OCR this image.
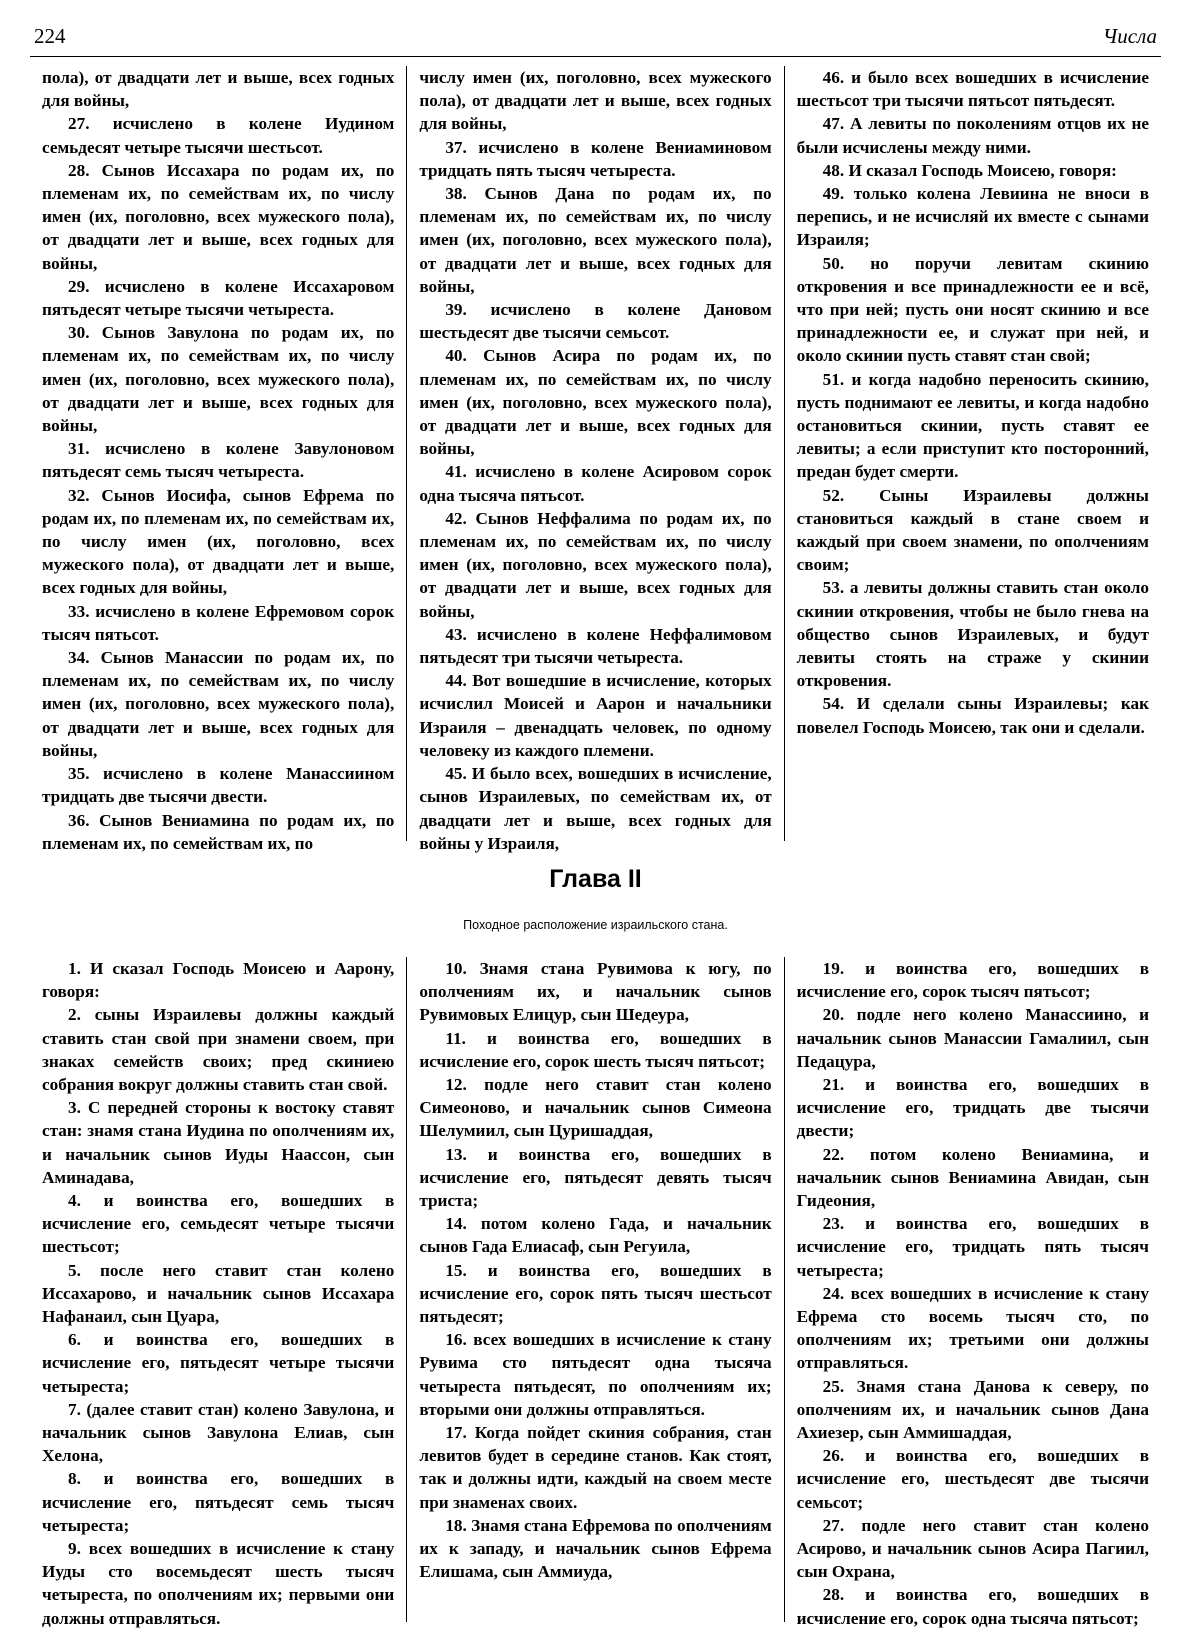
224	Числа

пола), от двадцати лет и выше, всех годных для войны,

27. исчислено в колене Иудином семьдесят четыре тысячи шестьсот.

28. Сынов Иссахара по родам их, по племенам их, по семействам их, по числу имен (их, поголовно, всех мужеского пола), от двадцати лет и выше, всех годных для войны,

29. исчислено в колене Иссахаровом пятьдесят четыре тысячи четыреста.

30. Сынов Завулона по родам их, по племенам их, по семействам их, по числу имен (их, поголовно, всех мужеского пола), от двадцати лет и выше, всех годных для войны,

31. исчислено в колене Завулоновом пятьдесят семь тысяч четыреста.

32. Сынов Иосифа, сынов Ефрема по родам их, по племенам их, по семействам их, по числу имен (их, поголовно, всех мужеского пола), от двадцати лет и выше, всех годных для войны,

33. исчислено в колене Ефремовом сорок тысяч пятьсот.

34. Сынов Манассии по родам их, по племенам их, по семействам их, по числу имен (их, поголовно, всех мужеского пола), от двадцати лет и выше, всех годных для войны,

35. исчислено в колене Манассиином тридцать две тысячи двести.

36. Сынов Вениамина по родам их, по племенам их, по семействам их, по

числу имен (их, поголовно, всех мужеского пола), от двадцати лет и выше, всех годных для войны,

37. исчислено в колене Вениаминовом тридцать пять тысяч четыреста.

38. Сынов Дана по родам их, по племенам их, по семействам их, по числу имен (их, поголовно, всех мужеского пола), от двадцати лет и выше, всех годных для войны,

39. исчислено в колене Дановом шестьдесят две тысячи семьсот.

40. Сынов Асира по родам их, по племенам их, по семействам их, по числу имен (их, поголовно, всех мужеского пола), от двадцати лет и выше, всех годных для войны,

41. исчислено в колене Асировом сорок одна тысяча пятьсот.

42. Сынов Неффалима по родам их, по племенам их, по семействам их, по числу имен (их, поголовно, всех мужеского пола), от двадцати лет и выше, всех годных для войны,

43. исчислено в колене Неффалимовом пятьдесят три тысячи четыреста.

44. Вот вошедшие в исчисление, которых исчислил Моисей и Аарон и начальники Израиля – двенадцать человек, по одному человеку из каждого племени.

45. И было всех, вошедших в исчисление, сынов Израилевых, по семействам их, от двадцати лет и выше, всех годных для войны у Израиля,

46. и было всех вошедших в исчисление шестьсот три тысячи пятьсот пятьдесят.

47. А левиты по поколениям отцов их не были исчислены между ними.

48. И сказал Господь Моисею, говоря:

49. только колена Левиина не вноси в перепись, и не исчисляй их вместе с сынами Израиля;

50. но поручи левитам скинию откровения и все принадлежности ее и всё, что при ней; пусть они носят скинию и все принадлежности ее, и служат при ней, и около скинии пусть ставят стан свой;

51. и когда надобно переносить скинию, пусть поднимают ее левиты, и когда надобно остановиться скинии, пусть ставят ее левиты; а если приступит кто посторонний, предан будет смерти.

52. Сыны Израилевы должны становиться каждый в стане своем и каждый при своем знамени, по ополчениям своим;

53. а левиты должны ставить стан около скинии откровения, чтобы не было гнева на общество сынов Израилевых, и будут левиты стоять на страже у скинии откровения.

54. И сделали сыны Израилевы; как повелел Господь Моисею, так они и сделали.

Глава II
Походное расположение израильского стана.

1. И сказал Господь Моисею и Аарону, говоря:

2. сыны Израилевы должны каждый ставить стан свой при знамени своем, при знаках семейств своих; пред скиниею собрания вокруг должны ставить стан свой.

3. С передней стороны к востоку ставят стан: знамя стана Иудина по ополчениям их, и начальник сынов Иуды Наассон, сын Аминадава,

4. и воинства его, вошедших в исчисление его, семьдесят четыре тысячи шестьсот;

5. после него ставит стан колено Иссахарово, и начальник сынов Иссахара Нафанаил, сын Цуара,

6. и воинства его, вошедших в исчисление его, пятьдесят четыре тысячи четыреста;

7. (далее ставит стан) колено Завулона, и начальник сынов Завулона Елиав, сын Хелона,

8. и воинства его, вошедших в исчисление его, пятьдесят семь тысяч четыреста;

9. всех вошедших в исчисление к стану Иуды сто восемьдесят шесть тысяч четыреста, по ополчениям их; первыми они должны отправляться.

10. Знамя стана Рувимова к югу, по ополчениям их, и начальник сынов Рувимовых Елицур, сын Шедеура,

11. и воинства его, вошедших в исчисление его, сорок шесть тысяч пятьсот;

12. подле него ставит стан колено Симеоново, и начальник сынов Симеона Шелумиил, сын Цуришаддая,

13. и воинства его, вошедших в исчисление его, пятьдесят девять тысяч триста;

14. потом колено Гада, и начальник сынов Гада Елиасаф, сын Регуила,

15. и воинства его, вошедших в исчисление его, сорок пять тысяч шестьсот пятьдесят;

16. всех вошедших в исчисление к стану Рувима сто пятьдесят одна тысяча четыреста пятьдесят, по ополчениям их; вторыми они должны отправляться.

17. Когда пойдет скиния собрания, стан левитов будет в середине станов. Как стоят, так и должны идти, каждый на своем месте при знаменах своих.

18. Знамя стана Ефремова по ополчениям их к западу, и начальник сынов Ефрема Елишама, сын Аммиуда,

19. и воинства его, вошедших в исчисление его, сорок тысяч пятьсот;

20. подле него колено Манассиино, и начальник сынов Манассии Гамалиил, сын Педацура,

21. и воинства его, вошедших в исчисление его, тридцать две тысячи двести;

22. потом колено Вениамина, и начальник сынов Вениамина Авидан, сын Гидеония,

23. и воинства его, вошедших в исчисление его, тридцать пять тысяч четыреста;

24. всех вошедших в исчисление к стану Ефрема сто восемь тысяч сто, по ополчениям их; третьими они должны отправляться.

25. Знамя стана Данова к северу, по ополчениям их, и начальник сынов Дана Ахиезер, сын Аммишаддая,

26. и воинства его, вошедших в исчисление его, шестьдесят две тысячи семьсот;

27. подле него ставит стан колено Асирово, и начальник сынов Асира Пагиил, сын Охрана,

28. и воинства его, вошедших в исчисление его, сорок одна тысяча пятьсот;
